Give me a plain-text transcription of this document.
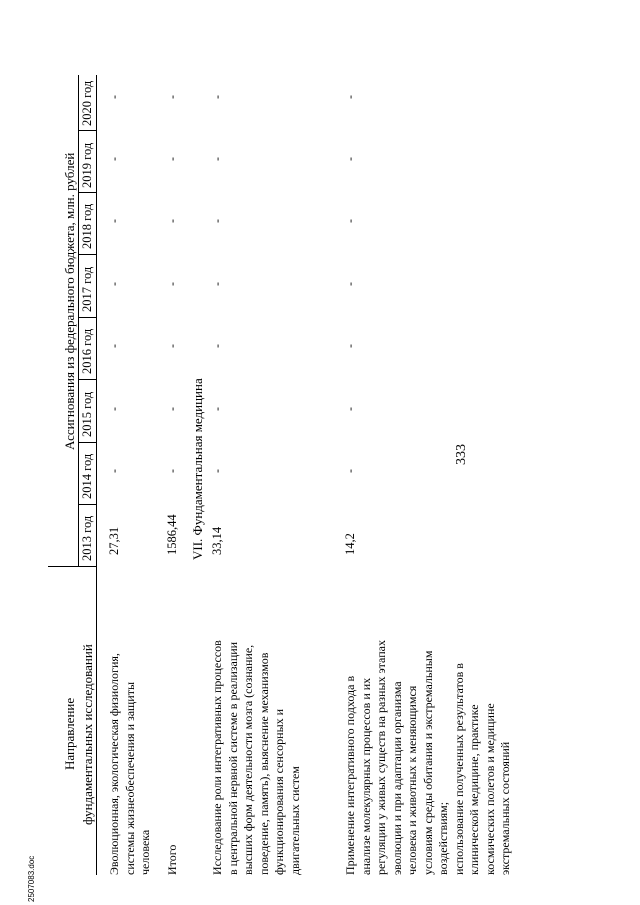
333
2507083.doc
Направление фундаментальных исследований
Ассигнования из федерального бюджета, млн. рублей
2013 год
2014 год
2015 год
2016 год
2017 год
2018 год
2019 год
2020 год
Эволюционная, экологическая физиология, системы жизнеобеспечения и защиты человека
27,31
-
-
-
-
-
-
-
Итого
1586,44
-
-
-
-
-
-
-
VII. Фундаментальная медицина
Исследование роли интегративных процессов в центральной нервной системе в реализации высших форм деятельности мозга (сознание, поведение, память), выяснение механизмов функционирования сенсорных и двигательных систем
33,14
-
-
-
-
-
-
-
Применение интегративного подхода в анализе молекулярных процессов и их регуляции у живых существ на разных этапах эволюции и при адаптации организма человека и животных к меняющимся условиям среды обитания и экстремальным воздействиям; использование полученных результатов в клинической медицине, практике космических полетов и медицине экстремальных состояний
14,2
-
-
-
-
-
-
-
